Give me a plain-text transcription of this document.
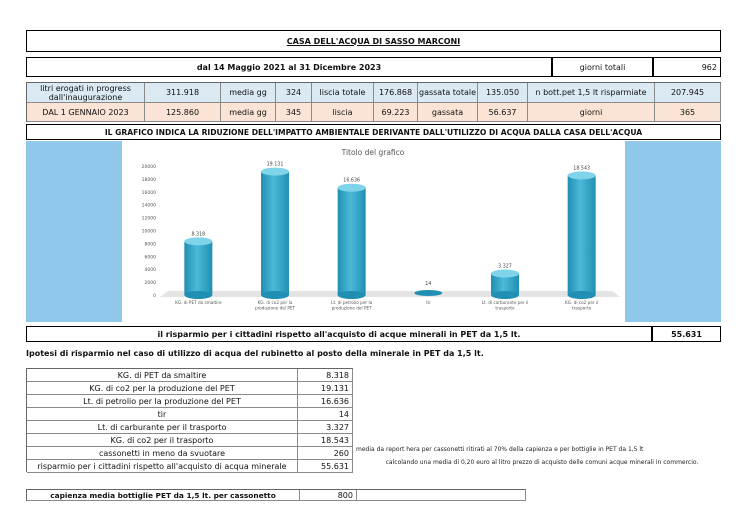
CASA DELL'ACQUA DI SASSO MARCONI
dal 14 Maggio 2021 al 31 Dicembre 2023	giorni totali	962
litri erogati in progress dall'inaugurazione	311.918	media gg	324	liscia totale	176.868 gassata totale	135.050	n bott.pet 1,5 lt risparmiate	207.945
DAL 1 GENNAIO 2023	125.860	media gg	345	liscia	69.223	gassata	56.637	giorni	365
IL GRAFICO INDICA LA RIDUZIONE DELL'IMPATTO AMBIENTALE DERIVANTE DALL'UTILIZZO DI ACQUA DALLA CASA DELL'ACQUA
Titolo del grafico
0
2000
4000
6000
8000
10000
12000
14000
16000
18000
20000
8.318
KG. di PET da smaltire
19.131
KG. di co2 per la produzione del PET
16.636
Lt. di petrolio per la produzione del PET
14
tir
3.327
Lt. di carburante per il trasporto
18.543
KG. di co2 per il trasporto
il risparmio per i cittadini rispetto all'acquisto di acque minerali in PET da 1,5 lt.	55.631
Ipotesi di risparmio nel caso di utilizzo di acqua del rubinetto al posto della minerale in PET da 1,5 lt.
KG. di PET da smaltire	8.318
KG. di co2 per la produzione del PET	19.131
Lt. di petrolio per la produzione del PET	16.636
tir	14
Lt. di carburante per il trasporto	3.327
KG. di co2 per il trasporto	18.543
cassonetti in meno da svuotare	260
risparmio per i cittadini rispetto all'acquisto di acqua minerale	55.631
media da report hera per cassonetti ritirati al 70% della capienza e per bottiglie in PET da 1,5 lt
calcolando una media di 0,20 euro al litro prezzo di acquisto delle comuni acque minerali in commercio.
capienza media bottiglie PET da 1,5 lt. per cassonetto	800
